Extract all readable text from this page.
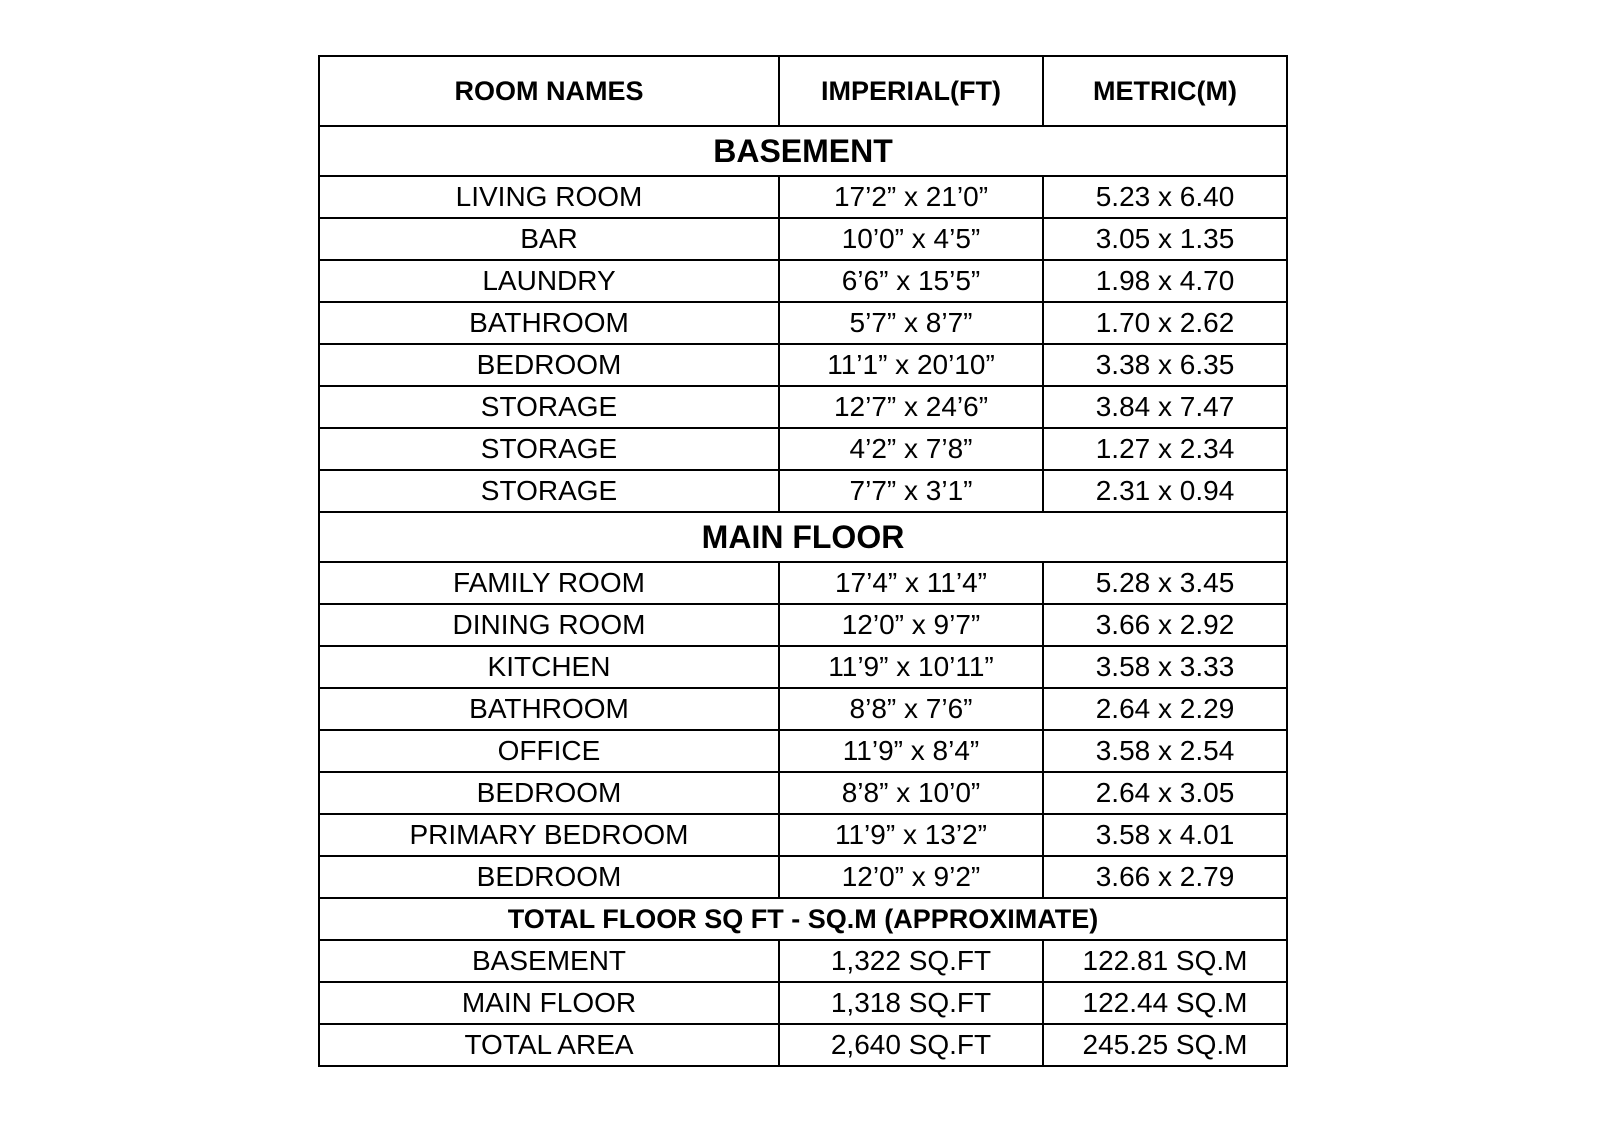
ROOM NAMES	IMPERIAL(FT)	METRIC(M)
BASEMENT		
LIVING ROOM	17’2” x 21’0”	5.23 x 6.40
BAR	10’0” x 4’5”	3.05 x 1.35
LAUNDRY	6’6” x 15’5”	1.98 x 4.70
BATHROOM	5’7” x 8’7”	1.70 x 2.62
BEDROOM	11’1” x 20’10”	3.38 x 6.35
STORAGE	12’7” x 24’6”	3.84 x 7.47
STORAGE	4’2” x 7’8”	1.27 x 2.34
STORAGE	7’7” x 3’1”	2.31 x 0.94
MAIN FLOOR		
FAMILY ROOM	17’4” x 11’4”	5.28 x 3.45
DINING ROOM	12’0” x 9’7”	3.66 x 2.92
KITCHEN	11’9” x 10’11”	3.58 x 3.33
BATHROOM	8’8” x 7’6”	2.64 x 2.29
OFFICE	11’9” x 8’4”	3.58 x 2.54
BEDROOM	8’8” x 10’0”	2.64 x 3.05
PRIMARY BEDROOM	11’9” x 13’2”	3.58 x 4.01
BEDROOM	12’0” x 9’2”	3.66 x 2.79
TOTAL FLOOR SQ FT - SQ.M (APPROXIMATE)		
BASEMENT	1,322 SQ.FT	122.81 SQ.M
MAIN FLOOR	1,318 SQ.FT	122.44 SQ.M
TOTAL AREA	2,640 SQ.FT	245.25 SQ.M
